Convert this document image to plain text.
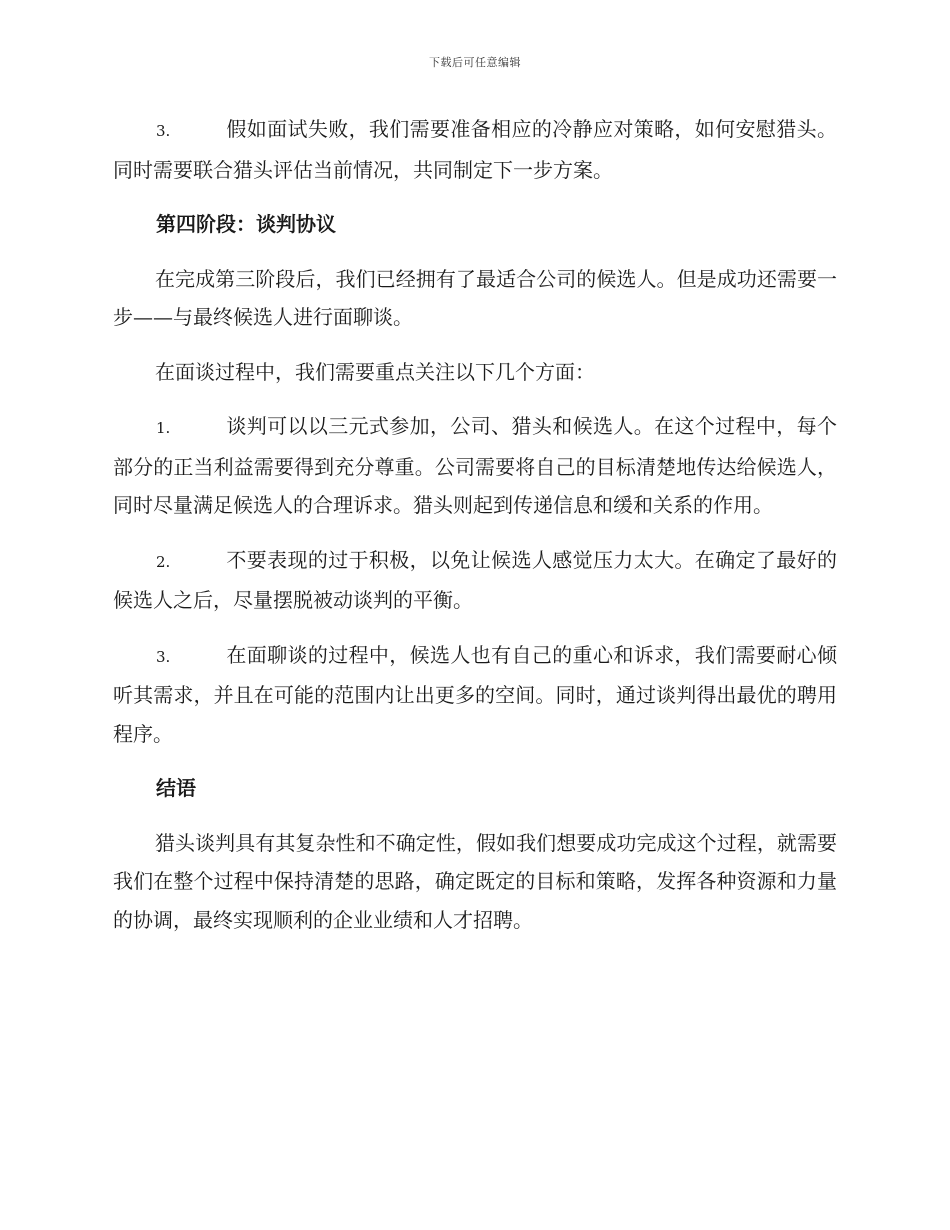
下载后可任意编辑

3.	假如面试失败，我们需要准备相应的冷静应对策略，如何安慰猎头。同时需要联合猎头评估当前情况，共同制定下一步方案。

第四阶段：谈判协议

在完成第三阶段后，我们已经拥有了最适合公司的候选人。但是成功还需要一步——与最终候选人进行面聊谈。

在面谈过程中，我们需要重点关注以下几个方面：

1.	谈判可以以三元式参加，公司、猎头和候选人。在这个过程中，每个部分的正当利益需要得到充分尊重。公司需要将自己的目标清楚地传达给候选人，同时尽量满足候选人的合理诉求。猎头则起到传递信息和缓和关系的作用。

2.	不要表现的过于积极，以免让候选人感觉压力太大。在确定了最好的候选人之后，尽量摆脱被动谈判的平衡。

3.	在面聊谈的过程中，候选人也有自己的重心和诉求，我们需要耐心倾听其需求，并且在可能的范围内让出更多的空间。同时，通过谈判得出最优的聘用程序。

结语

猎头谈判具有其复杂性和不确定性，假如我们想要成功完成这个过程，就需要我们在整个过程中保持清楚的思路，确定既定的目标和策略，发挥各种资源和力量的协调，最终实现顺利的企业业绩和人才招聘。
